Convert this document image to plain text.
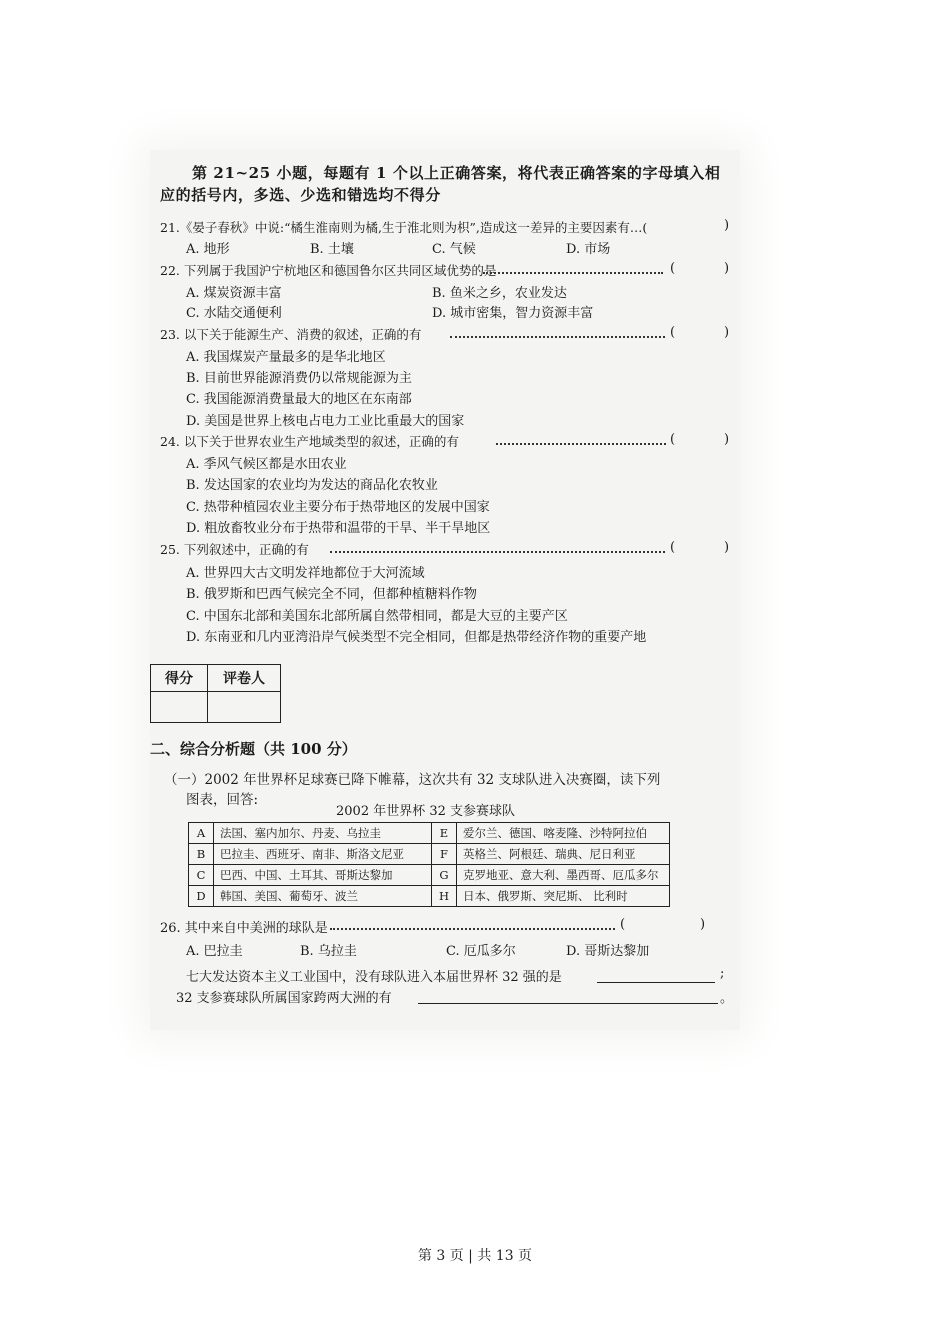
第 21~25 小题，每题有 1 个以上正确答案，将代表正确答案的字母填入相
应的括号内，多选、少选和错选均不得分
21.《晏子春秋》中说:“橘生淮南则为橘,生于淮北则为枳”,造成这一差异的主要因素有…(	)
A. 地形	B. 土壤	C. 气候	D. 市场
22. 下列属于我国沪宁杭地区和德国鲁尔区共同区域优势的是	(	)
A. 煤炭资源丰富	B. 鱼米之乡，农业发达
C. 水陆交通便利	D. 城市密集，智力资源丰富
23. 以下关于能源生产、消费的叙述，正确的有	(	)
A. 我国煤炭产量最多的是华北地区
B. 目前世界能源消费仍以常规能源为主
C. 我国能源消费量最大的地区在东南部
D. 美国是世界上核电占电力工业比重最大的国家
24. 以下关于世界农业生产地域类型的叙述，正确的有	(	)
A. 季风气候区都是水田农业
B. 发达国家的农业均为发达的商品化农牧业
C. 热带种植园农业主要分布于热带地区的发展中国家
D. 粗放畜牧业分布于热带和温带的干旱、半干旱地区
25. 下列叙述中，正确的有	(	)
A. 世界四大古文明发祥地都位于大河流域
B. 俄罗斯和巴西气候完全不同，但都种植糖料作物
C. 中国东北部和美国东北部所属自然带相同，都是大豆的主要产区
D. 东南亚和几内亚湾沿岸气候类型不完全相同，但都是热带经济作物的重要产地
得分	评卷人

二、综合分析题（共 100 分）
（一）2002 年世界杯足球赛已降下帷幕，这次共有 32 支球队进入决赛圈，读下列
图表，回答:
2002 年世界杯 32 支参赛球队
A	法国、塞内加尔、丹麦、乌拉圭	E	爱尔兰、德国、喀麦隆、沙特阿拉伯
B	巴拉圭、西班牙、南非、斯洛文尼亚	F	英格兰、阿根廷、瑞典、尼日利亚
C	巴西、中国、土耳其、哥斯达黎加	G	克罗地亚、意大利、墨西哥、厄瓜多尔
D	韩国、美国、葡萄牙、波兰	H	日本、俄罗斯、突尼斯、 比利时
26. 其中来自中美洲的球队是	(	)
A. 巴拉圭	B. 乌拉圭	C. 厄瓜多尔	D. 哥斯达黎加
七大发达资本主义工业国中，没有球队进入本届世界杯 32 强的是	;
32 支参赛球队所属国家跨两大洲的有	。
第 3 页 | 共 13 页
